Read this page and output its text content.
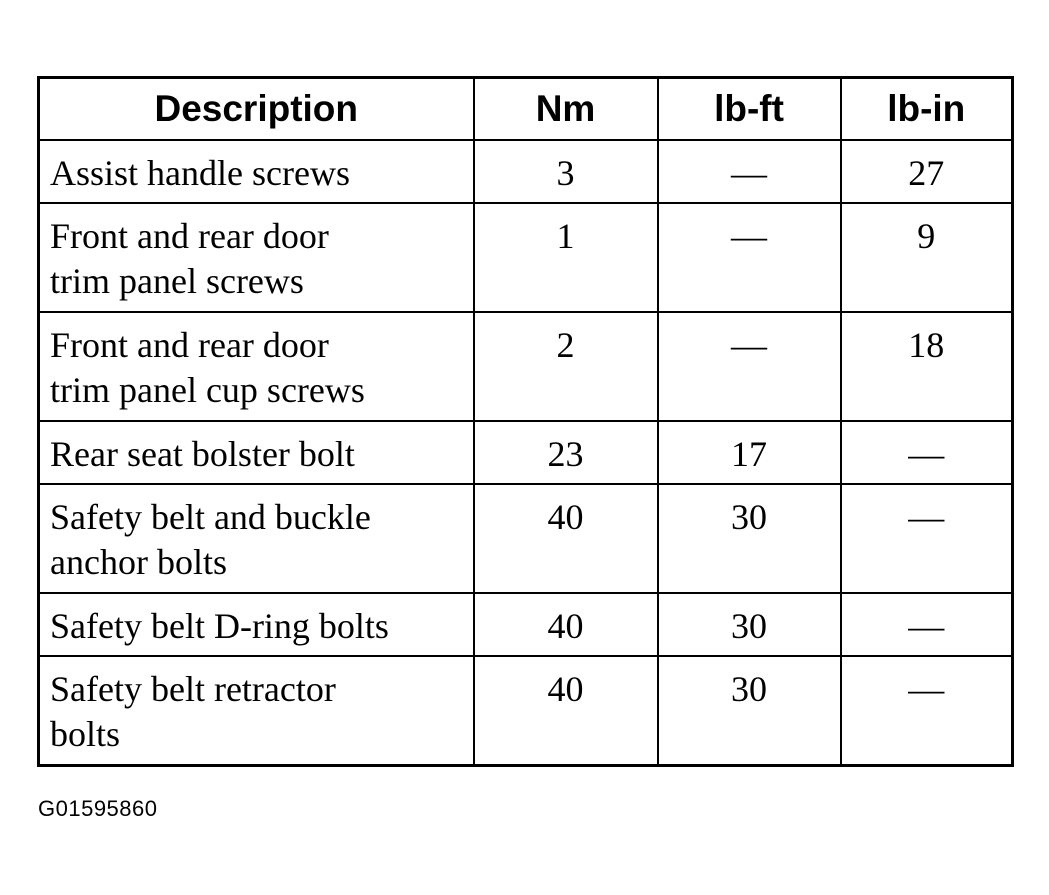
Description	Nm	lb-ft	lb-in
Assist handle screws	3	—	27
Front and rear door
trim panel screws	1	—	9
Front and rear door
trim panel cup screws	2	—	18
Rear seat bolster bolt	23	17	—
Safety belt and buckle
anchor bolts	40	30	—
Safety belt D-ring bolts	40	30	—
Safety belt retractor
bolts	40	30	—
G01595860
